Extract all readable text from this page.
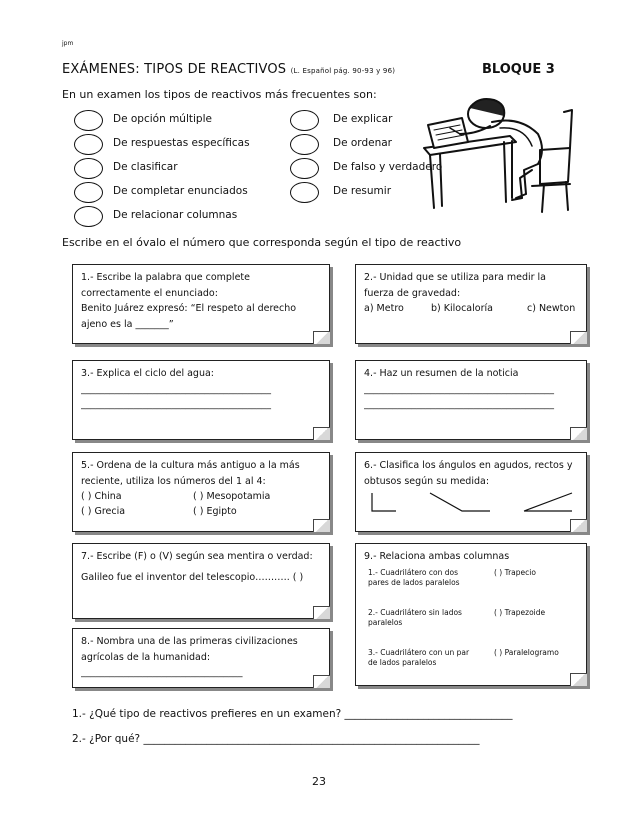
jpm
EXÁMENES: TIPOS DE REACTIVOS (L. Español pág. 90-93 y 96)	BLOQUE 3
En un examen los tipos de reactivos más frecuentes son:
De opción múltiple
De respuestas específicas
De clasificar
De completar enunciados
De relacionar columnas
De explicar
De ordenar
De falso y verdadero
De resumir
Escribe en el óvalo el número que corresponda según el tipo de reactivo
1.- Escribe la palabra que complete
correctamente el enunciado:
Benito Juárez expresó: “El respeto al derecho
ajeno es la _______”
2.- Unidad que se utiliza para medir la
fuerza de gravedad:
a) Metro	b) Kilocaloría	c) Newton
3.- Explica el ciclo del agua:
________________________________________
________________________________________
4.- Haz un resumen de la noticia
________________________________________
________________________________________
5.- Ordena de la cultura más antiguo a la más
reciente, utiliza los números del 1 al 4:
( ) China	( ) Mesopotamia
( ) Grecia	( ) Egipto
6.- Clasifica los ángulos en agudos, rectos y
obtusos según su medida:
7.- Escribe (F) o (V) según sea mentira o verdad:
Galileo fue el inventor del telescopio…….…. ( )
9.- Relaciona ambas columnas
1.- Cuadrilátero con dos
pares de lados paralelos
( ) Trapecio
2.- Cuadrilátero sin lados
paralelos
( ) Trapezoide
3.- Cuadrilátero con un par
de lados paralelos
( ) Paralelogramo
8.- Nombra una de las primeras civilizaciones
agrícolas de la humanidad:
__________________________________
1.- ¿Qué tipo de reactivos prefieres en un examen? ________________________________
2.- ¿Por qué? ________________________________________________________________
23
